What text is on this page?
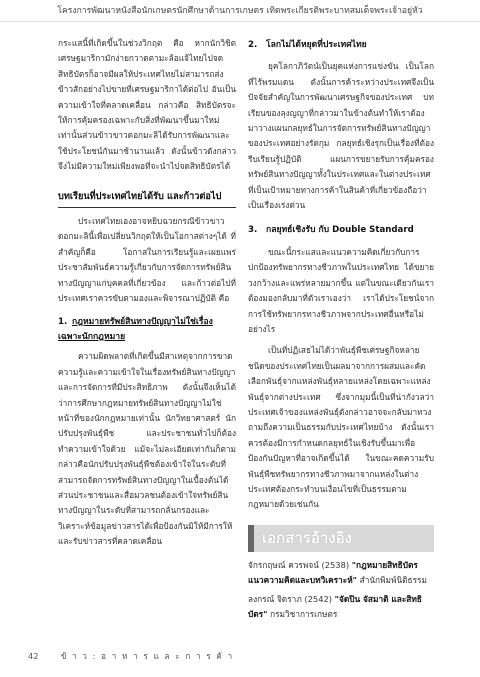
โครงการพัฒนาหนังสือนักเกษตรนักศึกษาด้านการเกษตร เทิดพระเกียรติพระบาทสมเด็จพระเจ้าอยู่หัว

กระแสนี้ที่เกิดขึ้นในช่วงวิกฤต คือ หากนักวิชิตเศรษฐมาริกามักง่ายกวาดตามะล้อแจ้ไทยไปจดสิทธิบัตรก็อาจมีผลให้ประเทศไทยไม่สามารถส่งข้าวสักอย่างไปขายที่เศรษฐมาริกาได้ต่อไป อันเป็นความเข้าใจที่คลาดเคลื่อน กล่าวคือ สิทธิบัตรจะให้การคุ้มครองเฉพาะกับสิ่งที่พัฒนาขึ้นมาใหม่เท่านั้นส่วนข้าวขาวดอกมะลิได้รับการพัฒนาและใช้ประโยชน์กันมาช้านานแล้ว ดังนั้นข้าวดังกล่าวจึงไม่มีความใหม่เพียงพอที่จะนำไปจดสิทธิบัตรได้

บทเรียนที่ประเทศไทยได้รับ และก้าวต่อไป

ประเทศไทยเองอาจหยิบฉวยกรณีข้าวขาวดอกมะลินี้เพื่อเปลี่ยนวิกฤตให้เป็นโอกาสต่างๆได้ ที่สำคัญก็คือ โอกาสในการเรียนรู้และเผยแพร่ประชาสัมพันธ์ความรู้เกี่ยวกับการจัดการทรัพย์สินทางปัญญาแก่บุคคลที่เกี่ยวข้อง และก้าวต่อไปที่ประเทศเราควรขับตามองและพิจารณาปฏิบัติ คือ

1. กฎหมายทรัพย์สินทางปัญญาไม่ใช่เรื่องเฉพาะนักกฎหมาย

ความผิดพลาดที่เกิดขึ้นมีสาเหตุจากการขาดความรู้และความเข้าใจในเรื่องทรัพย์สินทางปัญญาและการจัดการที่มีประสิทธิภาพ ดังนั้นจึงเห็นได้ว่าการศึกษากฎหมายทรัพย์สินทางปัญญาไม่ใช่หน้าที่ของนักกฎหมายเท่านั้น นักวิทยาศาสตร์ นักปรับปรุงพันธุ์พืช และประชาชนทั่วไปก็ต้องทำความเข้าใจด้วย แม้จะไม่ละเอียดเท่ากันก็ตาม กล่าวคือนักปรับปรุงพันธุ์พืชต้องเข้าใจในระดับที่สามารถจัดการทรัพย์สินทางปัญญาในเบื้องต้นได้ ส่วนประชาชนและสื่อมวลชนต้องเข้าใจทรัพย์สินทางปัญญาในระดับที่สามารถกลั่นกรองและวิเคราะห์ข้อมูลข่าวสารได้เพื่อป้องกันมิให้มีการให้และรับข่าวสารที่คลาดเคลื่อน

2. โลกไม่ได้หยุดที่ประเทศไทย

ยุคโลกาภิวัตน์เป็นยุคแห่งการแข่งขัน เป็นโลกที่ไร้พรมแดน ดังนั้นการค้าระหว่างประเทศจึงเป็นปัจจัยสำคัญในการพัฒนาเศรษฐกิจของประเทศ บทเรียนของลุงญญาที่กล่าวมาในข้างต้นทำให้เราต้องมาวางแผนกลยุทธ์ในการจัดการทรัพย์สินทางปัญญาของประเทศอย่างรัดกุม กลยุทธ์เชิงรุกเป็นเรื่องที่ต้องรีบเรียนรู้ปฏิบัติ แผนการขยายรับการคุ้มครองทรัพย์สินทางปัญญาทั้งในประเทศและในต่างประเทศที่เป็นเป้าหมายทางการค้าในสินค้าที่เกี่ยวข้องถือว่าเป็นเรื่องเร่งด่วน

3. กลยุทธ์เชิงรับ กับ Double Standard

ขณะนี้กระแสและแนวความคิดเกี่ยวกับการปกป้องทรัพยากรทางชีวภาพในประเทศไทย ได้ขยายวงกว้างและแพร่หลายมากขึ้น แต่ในขณะเดียวกันเราต้องมองกลับมาที่ตัวเราเองว่า เราได้ประโยชน์จากการใช้ทรัพยากรทางชีวภาพจากประเทศอื่นหรือไม่ อย่างไร

เป็นที่ปฏิเสธไม่ได้ว่าพันธุ์พืชเศรษฐกิจหลายชนิดของประเทศไทยเป็นผลมาจากการผสมและคัดเลือกพันธุ์จากแหล่งพันธุ์หลายแหล่งโดยเฉพาะแหล่งพันธุ์จากต่างประเทศ ซึ่งจากมุมนี้เป็นที่น่ากังวลว่าประเทศเจ้าของแหล่งพันธุ์ดังกล่าวอาจจะกลับมาทวงถามถึงความเป็นธรรมกับประเทศไทยบ้าง ดังนั้นเราควรต้องมีการกำหนดกลยุทธ์ในเชิงรับขึ้นมาเพื่อป้องกันปัญหาที่อาจเกิดขึ้นได้ ในขณะคดความรับพันธุ์พืชทรัพยากรทางชีวภาพมาจากแหล่งในต่างประเทศต้องกระทำบนเงื่อนไขที่เป็นธรรมตามกฎหมายด้วยเช่นกัน

เอกสารอ้างอิง
จักรกฤษณ์ ควรพจน์ (2538) "กฎหมายสิทธิบัตร แนวความคิดและบทวิเคราะห์" สำนักพิมพ์นิติธรรม
ลงกรณ์ จิตราภ (2542) "จัดปิน จัสมาติ และสิทธิบัตร" กรมวิชาการเกษตร
42	ข้ า ว : อ า ห า ร แ ล ะ ก า ร ค้ า
